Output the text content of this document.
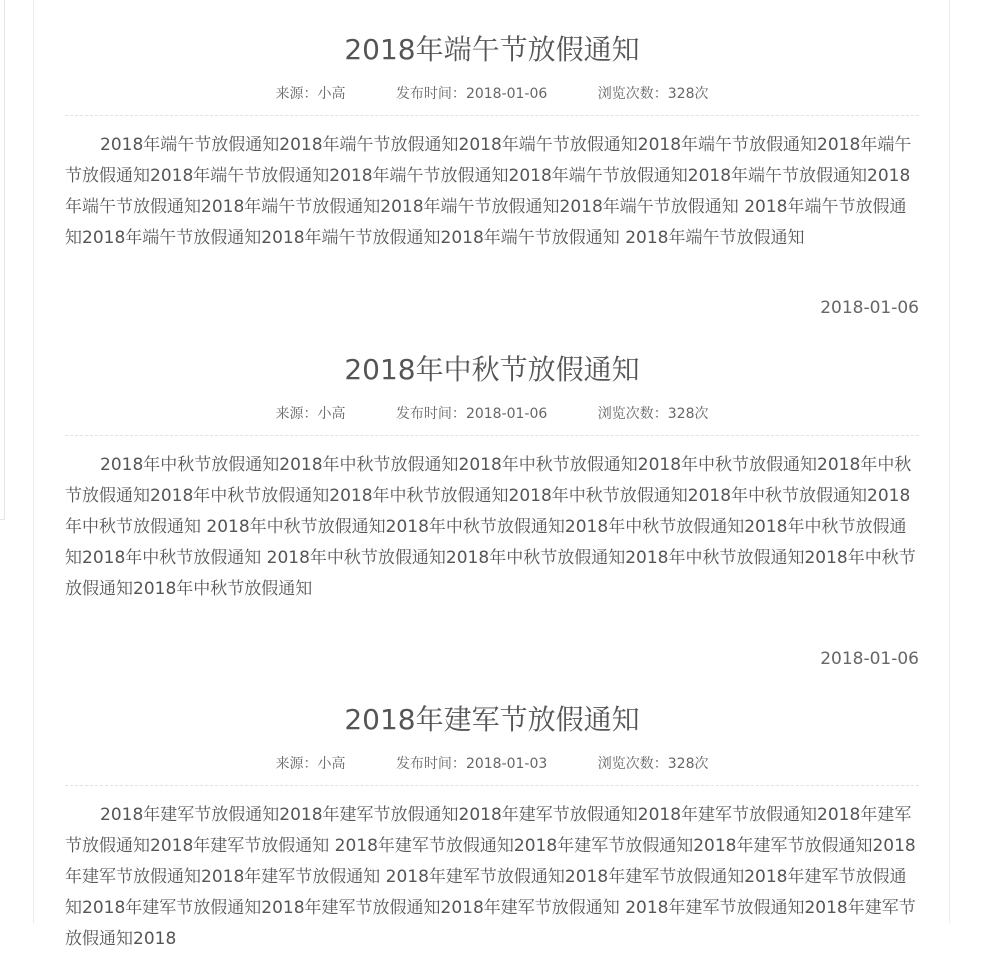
2018年端午节放假通知
来源：小高	发布时间：2018-01-06	浏览次数：328次
2018年端午节放假通知2018年端午节放假通知2018年端午节放假通知2018年端午节放假通知2018年端午节放假通知2018年端午节放假通知2018年端午节放假通知2018年端午节放假通知2018年端午节放假通知2018年端午节放假通知2018年端午节放假通知2018年端午节放假通知2018年端午节放假通知 2018年端午节放假通知2018年端午节放假通知2018年端午节放假通知2018年端午节放假通知 2018年端午节放假通知
2018-01-06
2018年中秋节放假通知
来源：小高	发布时间：2018-01-06	浏览次数：328次
2018年中秋节放假通知2018年中秋节放假通知2018年中秋节放假通知2018年中秋节放假通知2018年中秋节放假通知2018年中秋节放假通知2018年中秋节放假通知2018年中秋节放假通知2018年中秋节放假通知2018年中秋节放假通知 2018年中秋节放假通知2018年中秋节放假通知2018年中秋节放假通知2018年中秋节放假通知2018年中秋节放假通知 2018年中秋节放假通知2018年中秋节放假通知2018年中秋节放假通知2018年中秋节放假通知2018年中秋节放假通知
2018-01-06
2018年建军节放假通知
来源：小高	发布时间：2018-01-03	浏览次数：328次
2018年建军节放假通知2018年建军节放假通知2018年建军节放假通知2018年建军节放假通知2018年建军节放假通知2018年建军节放假通知 2018年建军节放假通知2018年建军节放假通知2018年建军节放假通知2018年建军节放假通知2018年建军节放假通知 2018年建军节放假通知2018年建军节放假通知2018年建军节放假通知2018年建军节放假通知2018年建军节放假通知2018年建军节放假通知 2018年建军节放假通知2018年建军节放假通知2018
